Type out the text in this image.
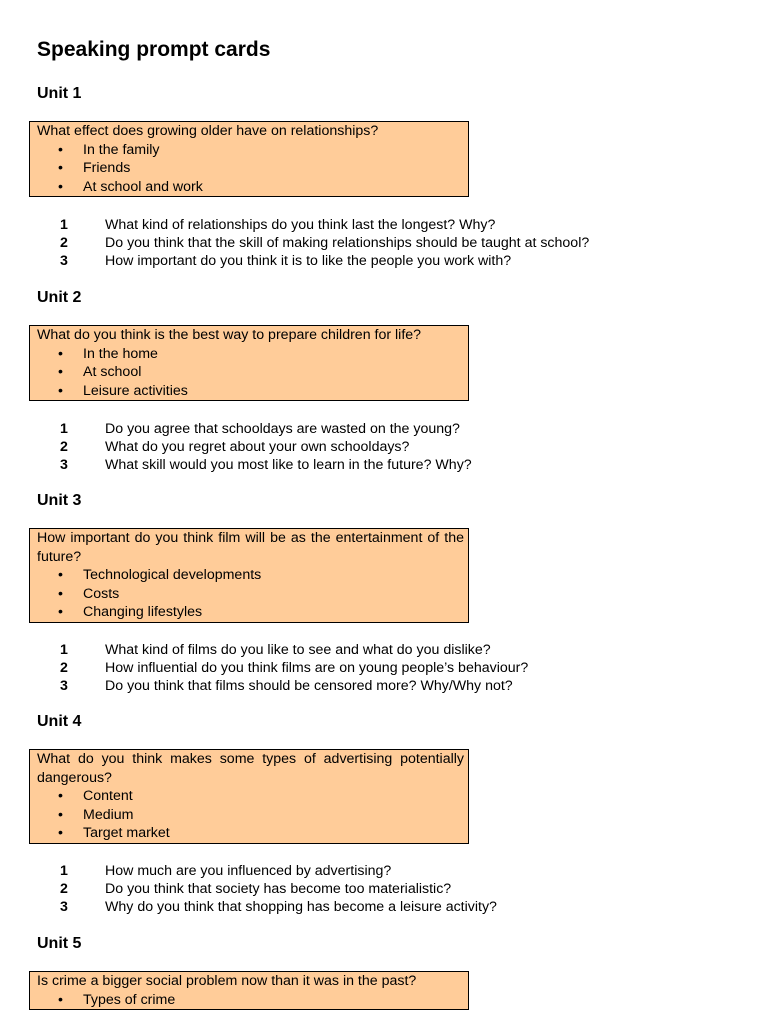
Speaking prompt cards
Unit 1
What effect does growing older have on relationships?
• In the family
• Friends
• At school and work
1	What kind of relationships do you think last the longest? Why?
2	Do you think that the skill of making relationships should be taught at school?
3	How important do you think it is to like the people you work with?
Unit 2
What do you think is the best way to prepare children for life?
• In the home
• At school
• Leisure activities
1	Do you agree that schooldays are wasted on the young?
2	What do you regret about your own schooldays?
3	What skill would you most like to learn in the future? Why?
Unit 3
How important do you think film will be as the entertainment of the future?
• Technological developments
• Costs
• Changing lifestyles
1	What kind of films do you like to see and what do you dislike?
2	How influential do you think films are on young people’s behaviour?
3	Do you think that films should be censored more? Why/Why not?
Unit 4
What do you think makes some types of advertising potentially dangerous?
• Content
• Medium
• Target market
1	How much are you influenced by advertising?
2	Do you think that society has become too materialistic?
3	Why do you think that shopping has become a leisure activity?
Unit 5
Is crime a bigger social problem now than it was in the past?
• Types of crime
